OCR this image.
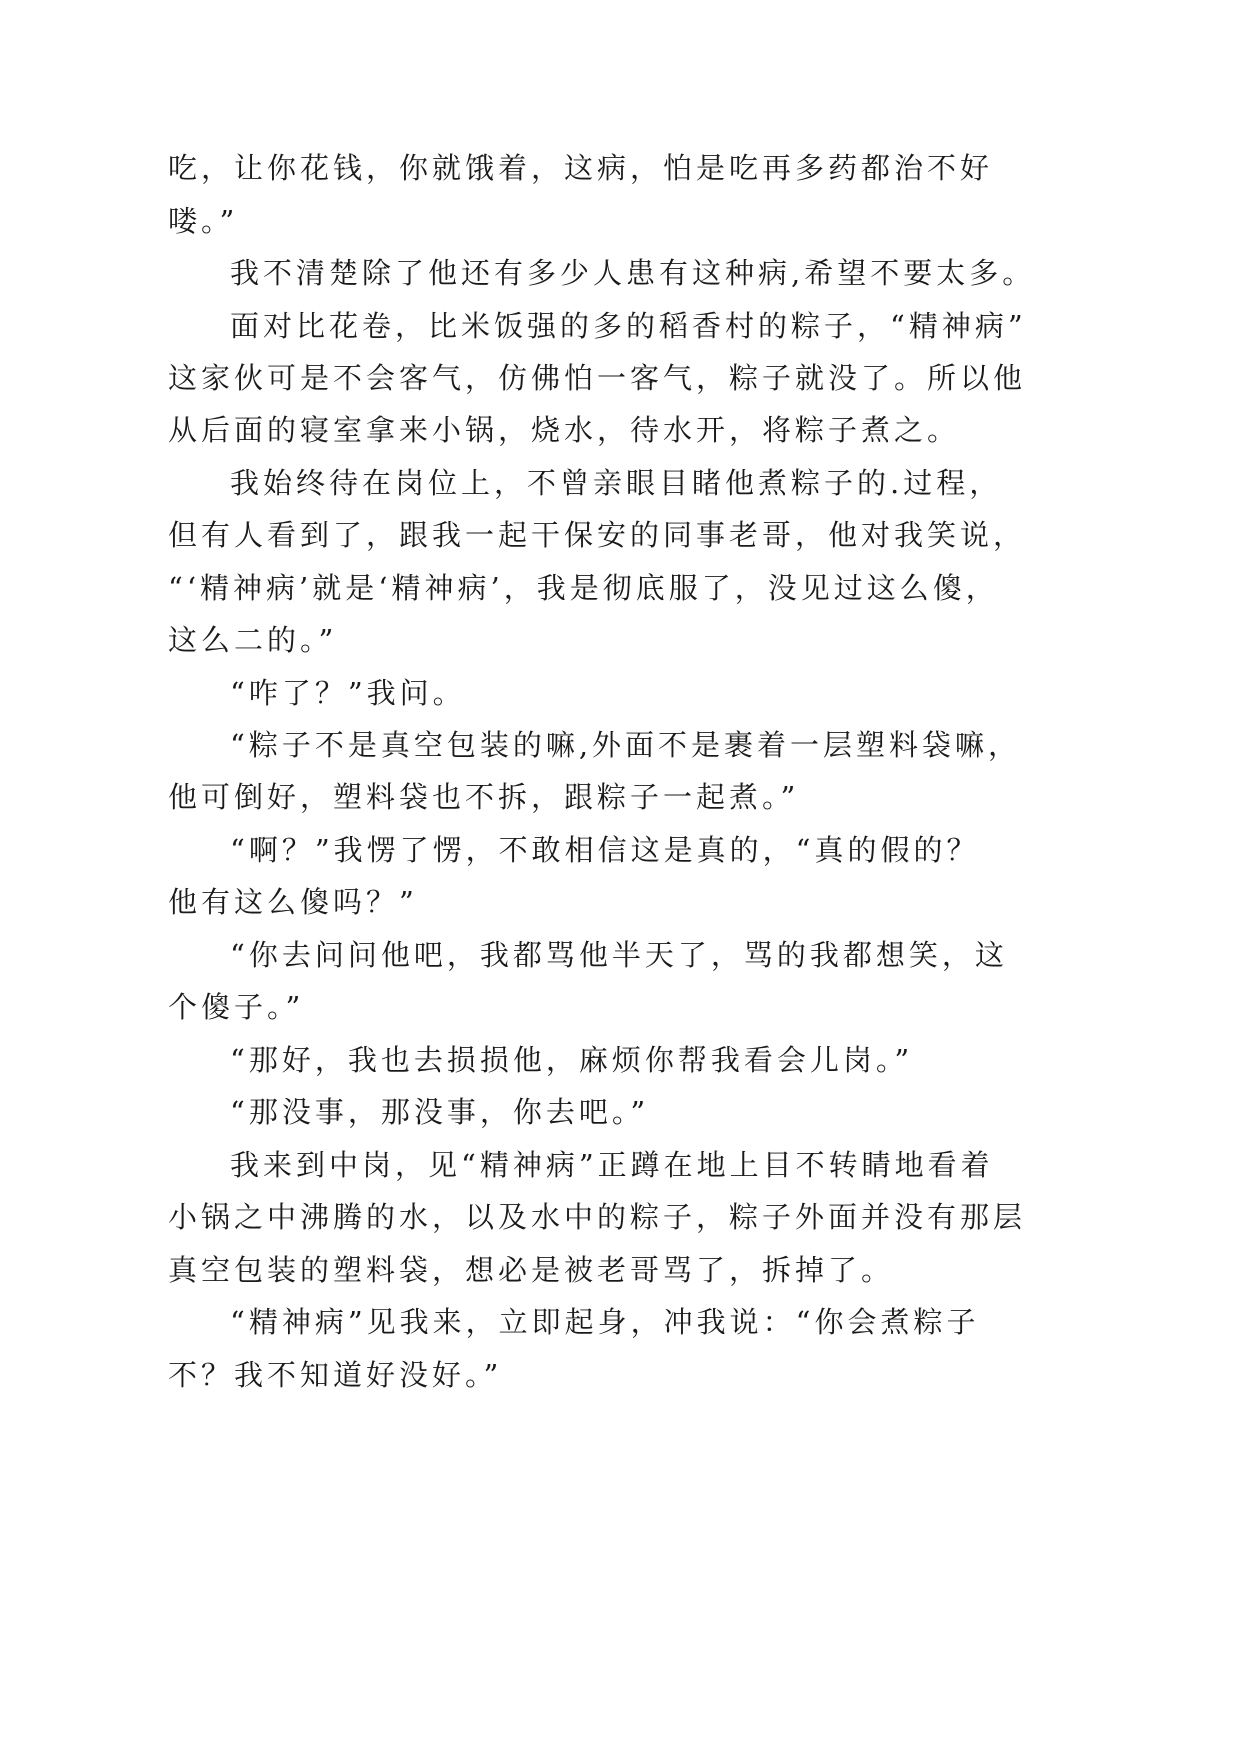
吃，让你花钱，你就饿着，这病，怕是吃再多药都治不好
喽。”
我不清楚除了他还有多少人患有这种病,希望不要太多。
面对比花卷，比米饭强的多的稻香村的粽子，“精神病”
这家伙可是不会客气，仿佛怕一客气，粽子就没了。所以他
从后面的寝室拿来小锅，烧水，待水开，将粽子煮之。
我始终待在岗位上，不曾亲眼目睹他煮粽子的.过程，
但有人看到了，跟我一起干保安的同事老哥，他对我笑说，
“‘精神病’就是‘精神病’，我是彻底服了，没见过这么傻，
这么二的。”
“咋了？”我问。
“粽子不是真空包装的嘛,外面不是裹着一层塑料袋嘛，
他可倒好，塑料袋也不拆，跟粽子一起煮。”
“啊？”我愣了愣，不敢相信这是真的，“真的假的？
他有这么傻吗？”
“你去问问他吧，我都骂他半天了，骂的我都想笑，这
个傻子。”
“那好，我也去损损他，麻烦你帮我看会儿岗。”
“那没事，那没事，你去吧。”
我来到中岗，见“精神病”正蹲在地上目不转睛地看着
小锅之中沸腾的水，以及水中的粽子，粽子外面并没有那层
真空包装的塑料袋，想必是被老哥骂了，拆掉了。
“精神病”见我来，立即起身，冲我说：“你会煮粽子
不？我不知道好没好。”
